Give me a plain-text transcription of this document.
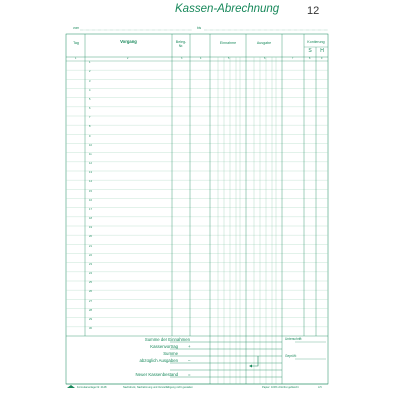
Kassen-Abrechnung	12
vom	bis
Tag	Vorgang	Beleg-
Nr.
Einnahme	Ausgabe	Kontierung
S	H
1	2	3	4	5	6	7	8	9
1
2
3
4
5
6
7
8
9
10
11
12
13
14
15
16
17
18
19
20
21
22
23
24
25
26
27
28
29
30
Summe der Einnahmen
Kassenvortrag +
Summe
abzüglich Ausgaben –
Neuer Kassenbestand =
Unterschrift:
Geprüft:
Formularverlage Nr. 2148	Nachdruck, Nachahmung und Vervielfältigung nicht gestattet	Papier: 100% chlorfrei gebleicht	A 5
